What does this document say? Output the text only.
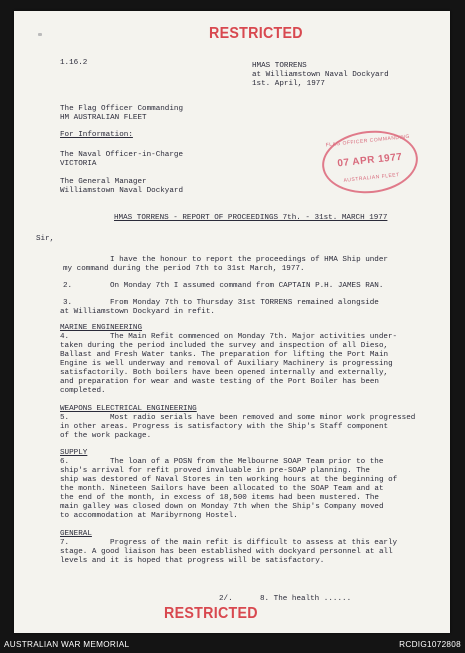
RESTRICTED
1.16.2	HMAS TORRENS
at Williamstown Naval Dockyard
1st. April, 1977
The Flag Officer Commanding
HM AUSTRALIAN FLEET
For Information:
The Naval Officer-in-Charge
VICTORIA
The General Manager
Williamstown Naval Dockyard
FLAG OFFICER COMMANDING
07 APR 1977
AUSTRALIAN FLEET
HMAS TORRENS - REPORT OF PROCEEDINGS 7th. - 31st. MARCH 1977
Sir,
I have the honour to report the proceedings of HMA Ship under
my command during the period 7th to 31st March, 1977.
2.	On Monday 7th I assumed command from CAPTAIN P.H. JAMES RAN.
3.	From Monday 7th to Thursday 31st TORRENS remained alongside
at Williamstown Dockyard in refit.
MARINE ENGINEERING
4.	The Main Refit commenced on Monday 7th. Major activities under-
taken during the period included the survey and inspection of all Dieso,
Ballast and Fresh Water tanks. The preparation for lifting the Port Main
Engine is well underway and removal of Auxiliary Machinery is progressing
satisfactorily. Both boilers have been opened internally and externally,
and preparation for wear and waste testing of the Port Boiler has been
completed.
WEAPONS ELECTRICAL ENGINEERING
5.	Most radio serials have been removed and some minor work progressed
in other areas. Progress is satisfactory with the Ship's Staff component
of the work package.
SUPPLY
6.	The loan of a POSN from the Melbourne SOAP Team prior to the
ship's arrival for refit proved invaluable in pre-SOAP planning. The
ship was destored of Naval Stores in ten working hours at the beginning of
the month. Nineteen Sailors have been allocated to the SOAP Team and at
the end of the month, in excess of 18,500 items had been mustered. The
main galley was closed down on Monday 7th when the Ship's Company moved
to accommodation at Maribyrnong Hostel.
GENERAL
7.	Progress of the main refit is difficult to assess at this early
stage. A good liaison has been established with dockyard personnel at all
levels and it is hoped that progress will be satisfactory.
2/.	8. The health ......
RESTRICTED
AUSTRALIAN WAR MEMORIAL	RCDIG1072808
